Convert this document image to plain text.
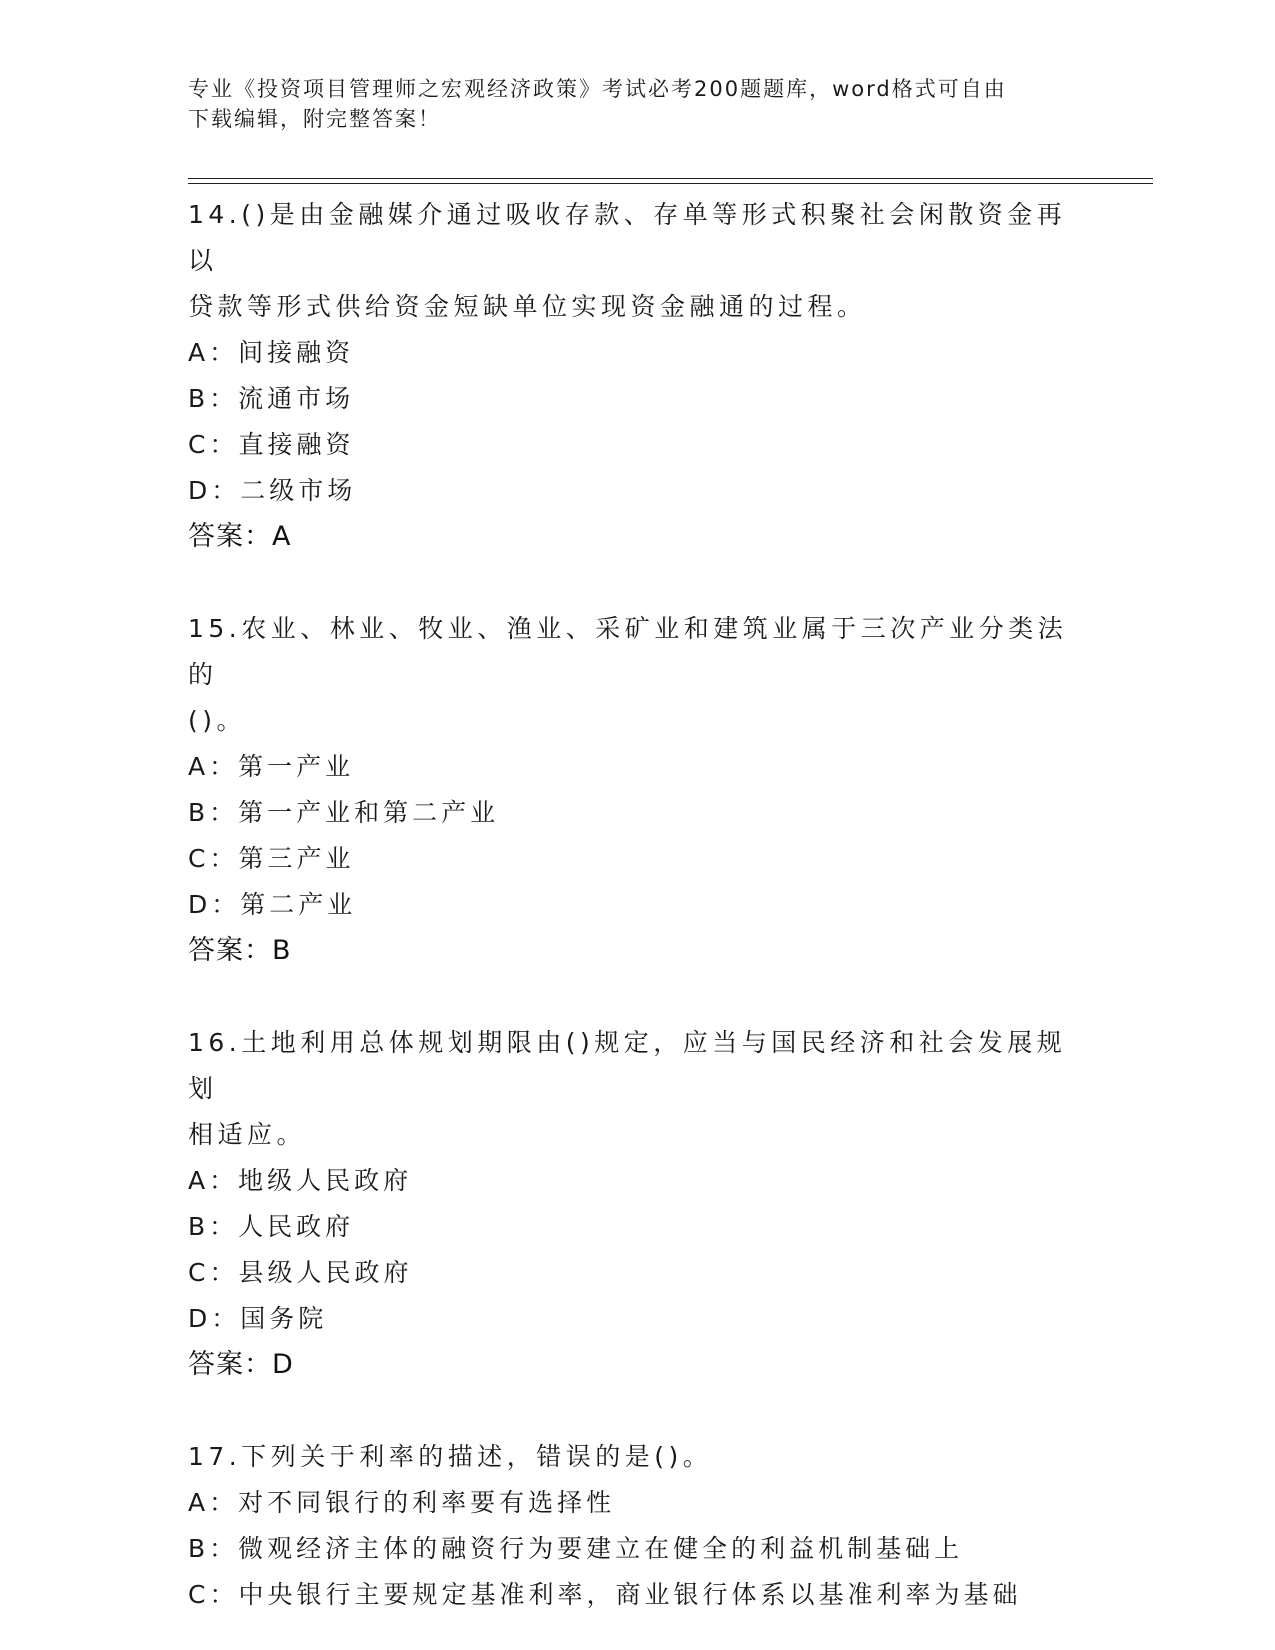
专业《投资项目管理师之宏观经济政策》考试必考200题题库，word格式可自由
下载编辑，附完整答案！

14.()是由金融媒介通过吸收存款、存单等形式积聚社会闲散资金再以

贷款等形式供给资金短缺单位实现资金融通的过程。

A：间接融资

B：流通市场

C：直接融资

D：二级市场

答案：A

15.农业、林业、牧业、渔业、采矿业和建筑业属于三次产业分类法的

()。

A：第一产业

B：第一产业和第二产业

C：第三产业

D：第二产业

答案：B

16.土地利用总体规划期限由()规定，应当与国民经济和社会发展规划

相适应。

A：地级人民政府

B：人民政府

C：县级人民政府

D：国务院

答案：D

17.下列关于利率的描述，错误的是()。

A：对不同银行的利率要有选择性

B：微观经济主体的融资行为要建立在健全的利益机制基础上

C：中央银行主要规定基准利率，商业银行体系以基准利率为基础
